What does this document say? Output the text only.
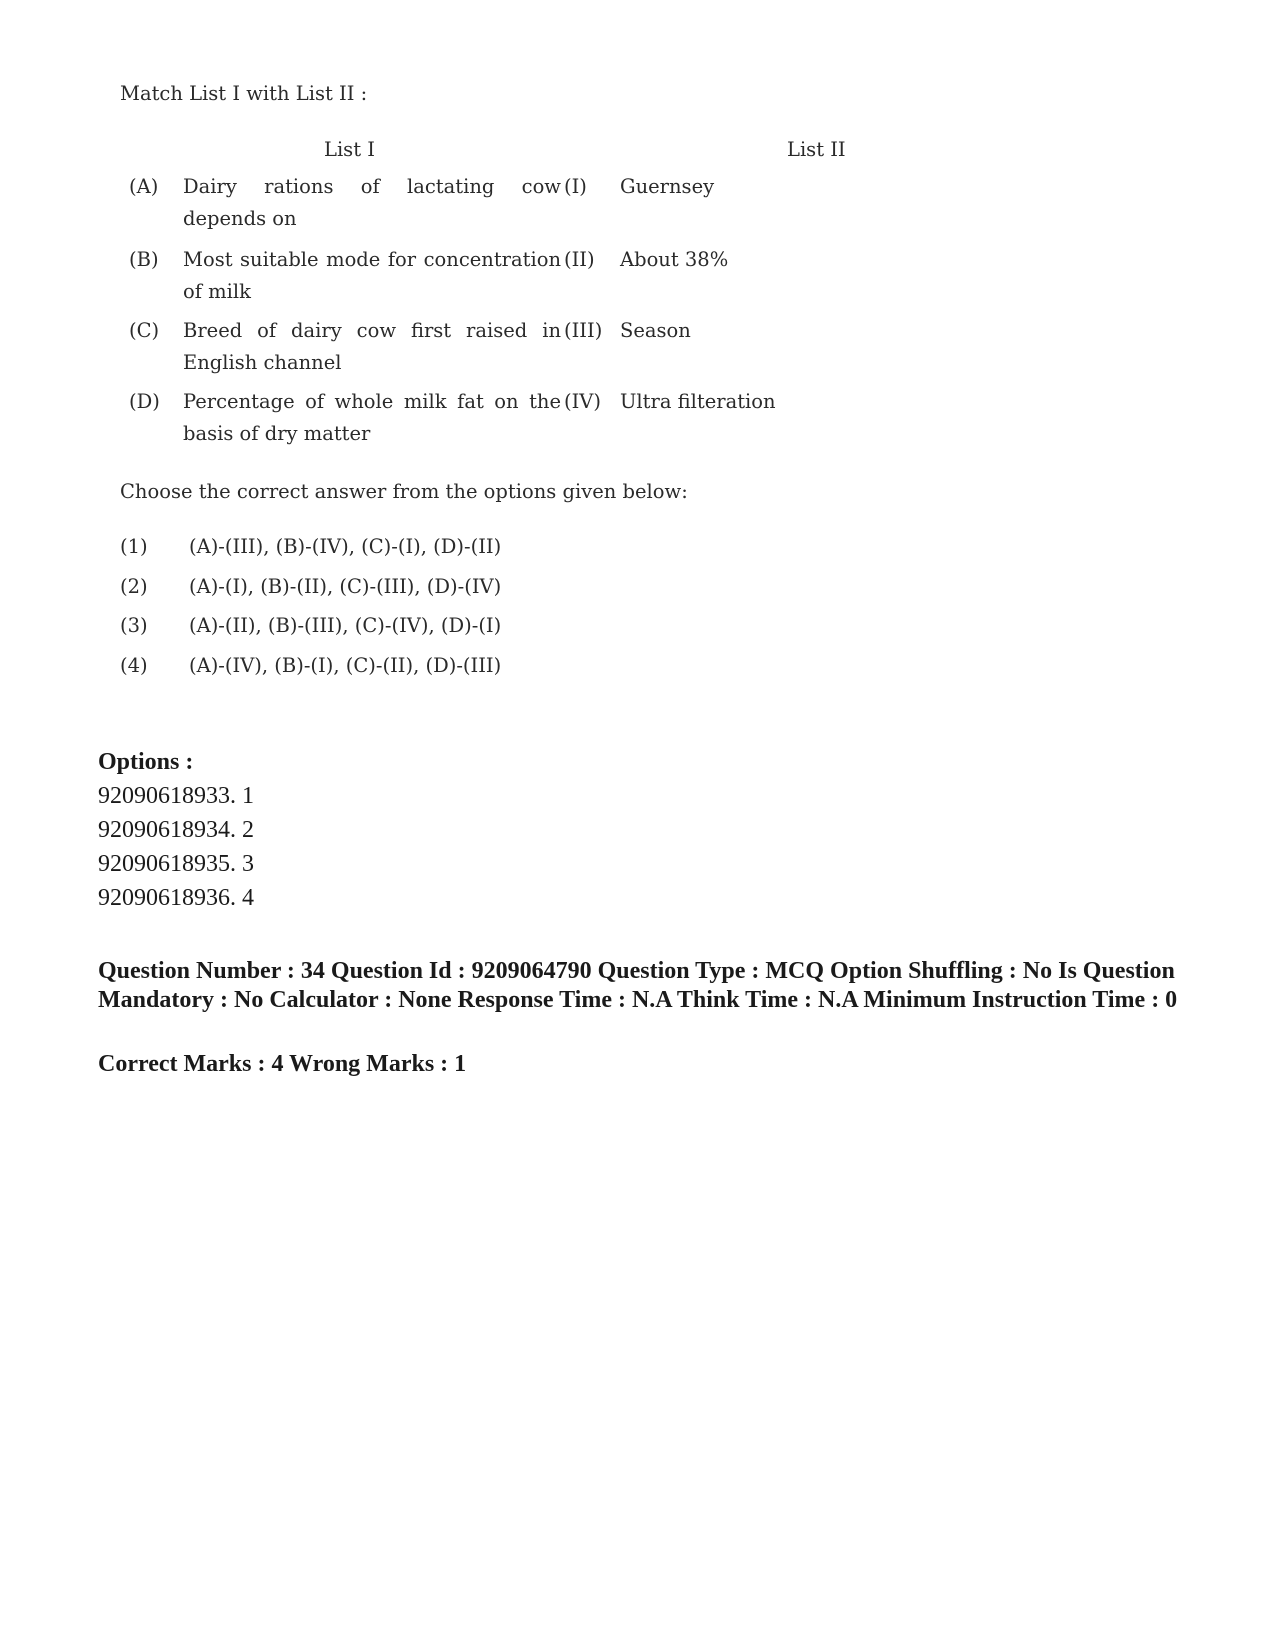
Match List I with List II :
List I	List II
(A) Dairy rations of lactating cow depends on
(I) Guernsey
(B) Most suitable mode for concentration of milk
(II) About 38%
(C) Breed of dairy cow first raised in English channel
(III) Season
(D) Percentage of whole milk fat on the basis of dry matter
(IV) Ultra filteration
Choose the correct answer from the options given below:
(1) (A)-(III), (B)-(IV), (C)-(I), (D)-(II)
(2) (A)-(I), (B)-(II), (C)-(III), (D)-(IV)
(3) (A)-(II), (B)-(III), (C)-(IV), (D)-(I)
(4) (A)-(IV), (B)-(I), (C)-(II), (D)-(III)
Options :
92090618933. 1
92090618934. 2
92090618935. 3
92090618936. 4
Question Number : 34 Question Id : 9209064790 Question Type : MCQ Option Shuffling : No Is Question Mandatory : No Calculator : None Response Time : N.A Think Time : N.A Minimum Instruction Time : 0
Correct Marks : 4 Wrong Marks : 1
